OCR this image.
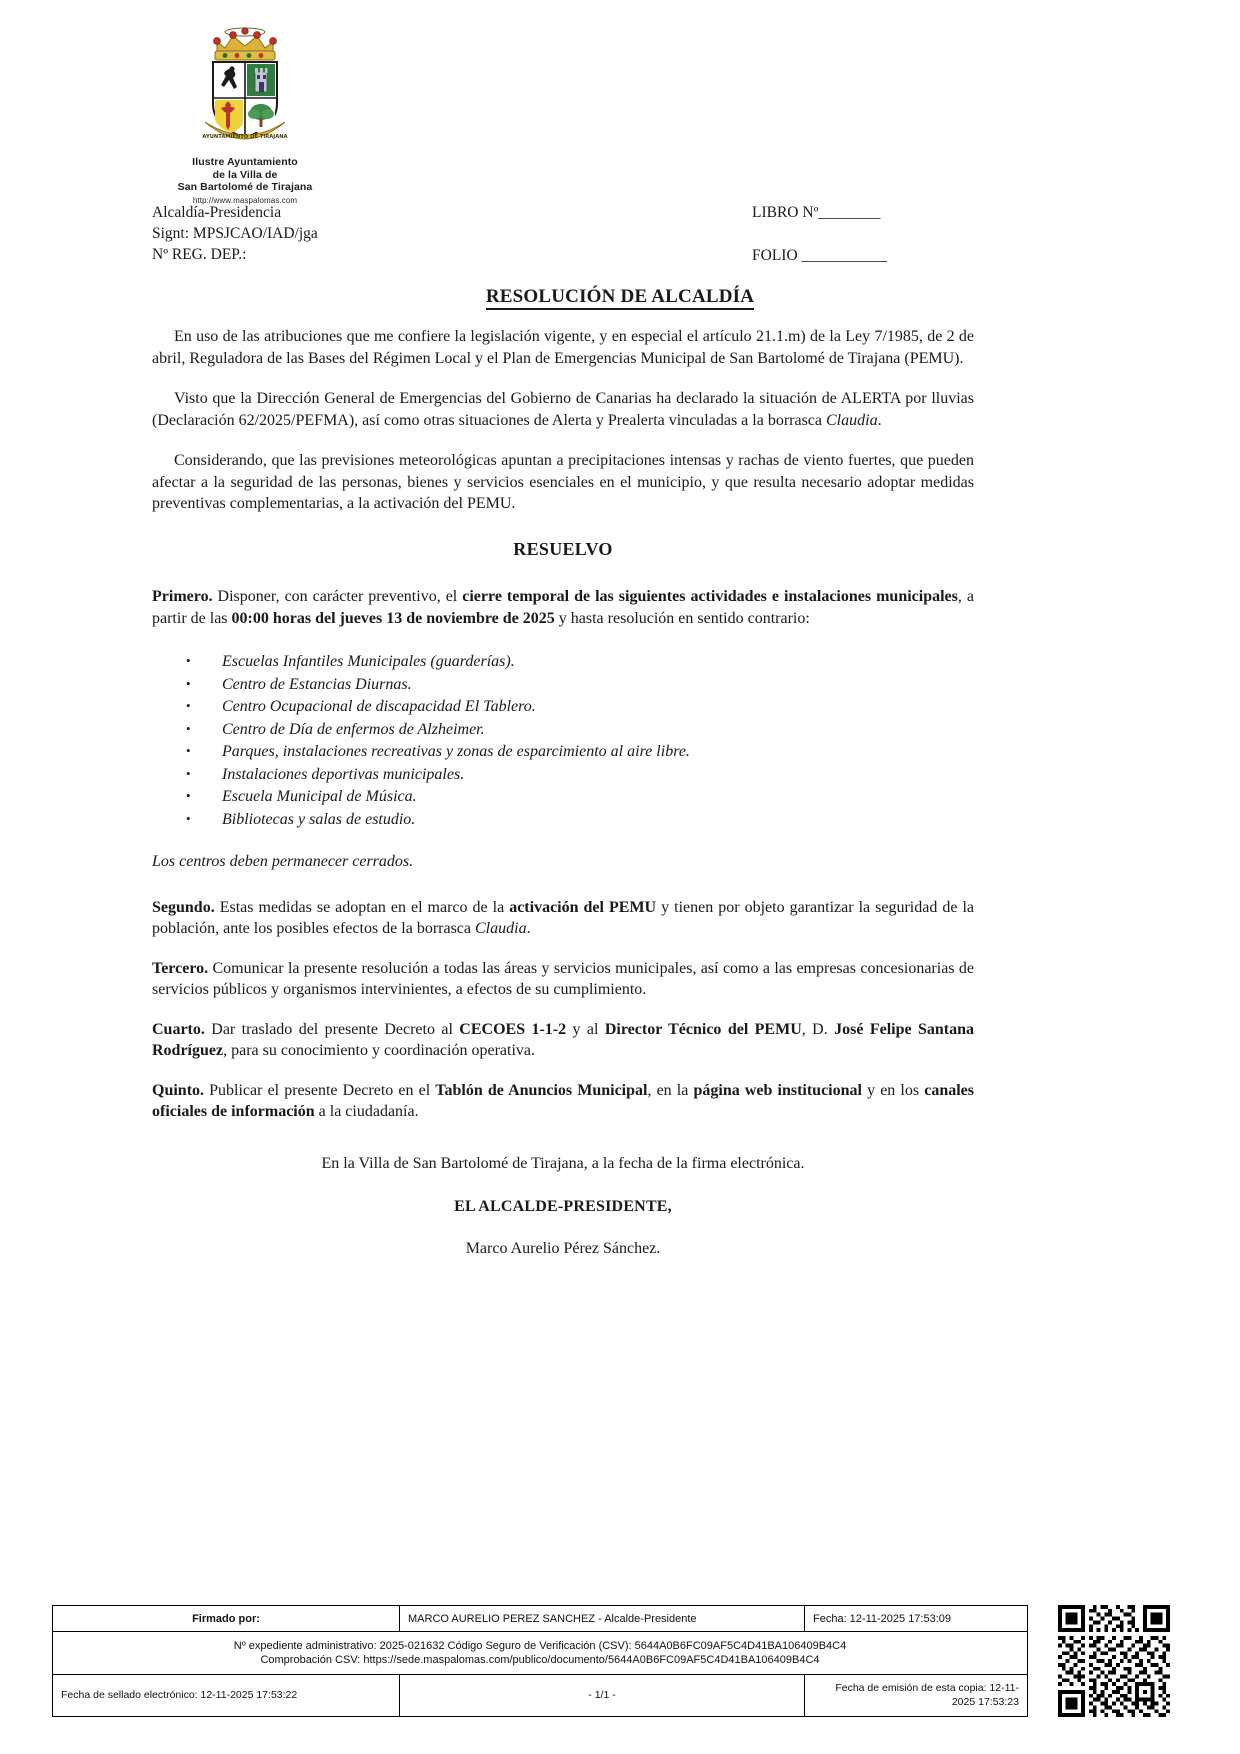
AYUNTAMIENTO DE TIRAJANA
Ilustre Ayuntamiento
de la Villa de
San Bartolomé de Tirajana
http://www.maspalomas.com
Alcaldía-Presidencia
Signt: MPSJCAO/IAD/jga
Nº REG. DEP.:
LIBRO Nº________
FOLIO ___________
RESOLUCIÓN DE ALCALDÍA

En uso de las atribuciones que me confiere la legislación vigente, y en especial el artículo 21.1.m) de la Ley 7/1985, de 2 de abril, Reguladora de las Bases del Régimen Local y el Plan de Emergencias Municipal de San Bartolomé de Tirajana (PEMU).

Visto que la Dirección General de Emergencias del Gobierno de Canarias ha declarado la situación de ALERTA por lluvias (Declaración 62/2025/PEFMA), así como otras situaciones de Alerta y Prealerta vinculadas a la borrasca Claudia.

Considerando, que las previsiones meteorológicas apuntan a precipitaciones intensas y rachas de viento fuertes, que pueden afectar a la seguridad de las personas, bienes y servicios esenciales en el municipio, y que resulta necesario adoptar medidas preventivas complementarias, a la activación del PEMU.

RESUELVO

Primero. Disponer, con carácter preventivo, el cierre temporal de las siguientes actividades e instalaciones municipales, a partir de las 00:00 horas del jueves 13 de noviembre de 2025 y hasta resolución en sentido contrario:

• Escuelas Infantiles Municipales (guarderías).
• Centro de Estancias Diurnas.
• Centro Ocupacional de discapacidad El Tablero.
• Centro de Día de enfermos de Alzheimer.
• Parques, instalaciones recreativas y zonas de esparcimiento al aire libre.
• Instalaciones deportivas municipales.
• Escuela Municipal de Música.
• Bibliotecas y salas de estudio.

Los centros deben permanecer cerrados.

Segundo. Estas medidas se adoptan en el marco de la activación del PEMU y tienen por objeto garantizar la seguridad de la población, ante los posibles efectos de la borrasca Claudia.

Tercero. Comunicar la presente resolución a todas las áreas y servicios municipales, así como a las empresas concesionarias de servicios públicos y organismos intervinientes, a efectos de su cumplimiento.

Cuarto. Dar traslado del presente Decreto al CECOES 1-1-2 y al Director Técnico del PEMU, D. José Felipe Santana Rodríguez, para su conocimiento y coordinación operativa.

Quinto. Publicar el presente Decreto en el Tablón de Anuncios Municipal, en la página web institucional y en los canales oficiales de información a la ciudadanía.

En la Villa de San Bartolomé de Tirajana, a la fecha de la firma electrónica.

EL ALCALDE-PRESIDENTE,

Marco Aurelio Pérez Sánchez.

Firmado por:	MARCO AURELIO PEREZ SANCHEZ - Alcalde-Presidente	Fecha: 12-11-2025 17:53:09

Nº expediente administrativo: 2025-021632 Código Seguro de Verificación (CSV): 5644A0B6FC09AF5C4D41BA106409B4C4
Comprobación CSV: https://sede.maspalomas.com/publico/documento/5644A0B6FC09AF5C4D41BA106409B4C4		

Fecha de sellado electrónico: 12-11-2025 17:53:22	- 1/1 -	Fecha de emisión de esta copia: 12-11-2025 17:53:23
